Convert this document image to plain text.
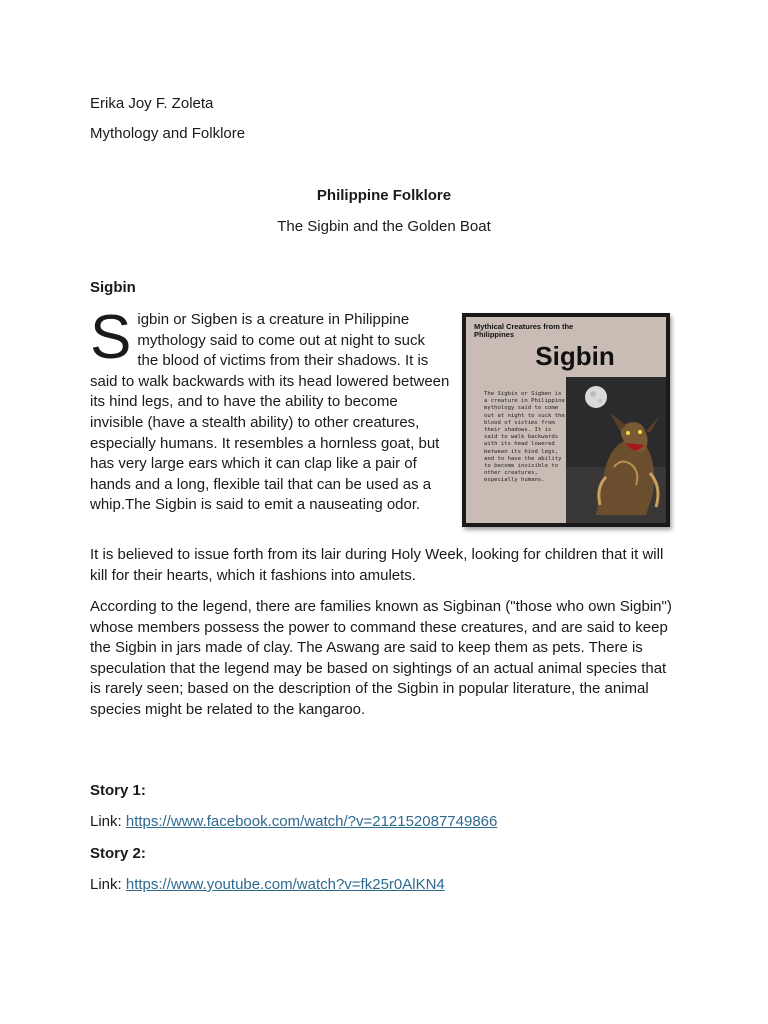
Erika Joy F. Zoleta

Mythology and Folklore

Philippine Folklore

The Sigbin and the Golden Boat

Sigbin

Sigbin or Sigben is a creature in Philippine mythology said to come out at night to suck the blood of victims from their shadows. It is said to walk backwards with its head lowered between its hind legs, and to have the ability to become invisible (have a stealth ability) to other creatures, especially humans. It resembles a hornless goat, but has very large ears which it can clap like a pair of hands and a long, flexible tail that can be used as a whip.The Sigbin is said to emit a nauseating odor.

Mythical Creatures from the Philippines

Sigbin

The Sigbin or Sigben is a creature in Philippine mythology said to come out at night to suck the blood of victims from their shadows. It is said to walk backwards with its head lowered between its hind legs, and to have the ability to become invisible to other creatures, especially humans.

It is believed to issue forth from its lair during Holy Week, looking for children that it will kill for their hearts, which it fashions into amulets.

According to the legend, there are families known as Sigbinan ("those who own Sigbin") whose members possess the power to command these creatures, and are said to keep the Sigbin in jars made of clay. The Aswang are said to keep them as pets. There is speculation that the legend may be based on sightings of an actual animal species that is rarely seen; based on the description of the Sigbin in popular literature, the animal species might be related to the kangaroo.

Story 1:

Link: https://www.facebook.com/watch/?v=212152087749866

Story 2:

Link: https://www.youtube.com/watch?v=fk25r0AlKN4
